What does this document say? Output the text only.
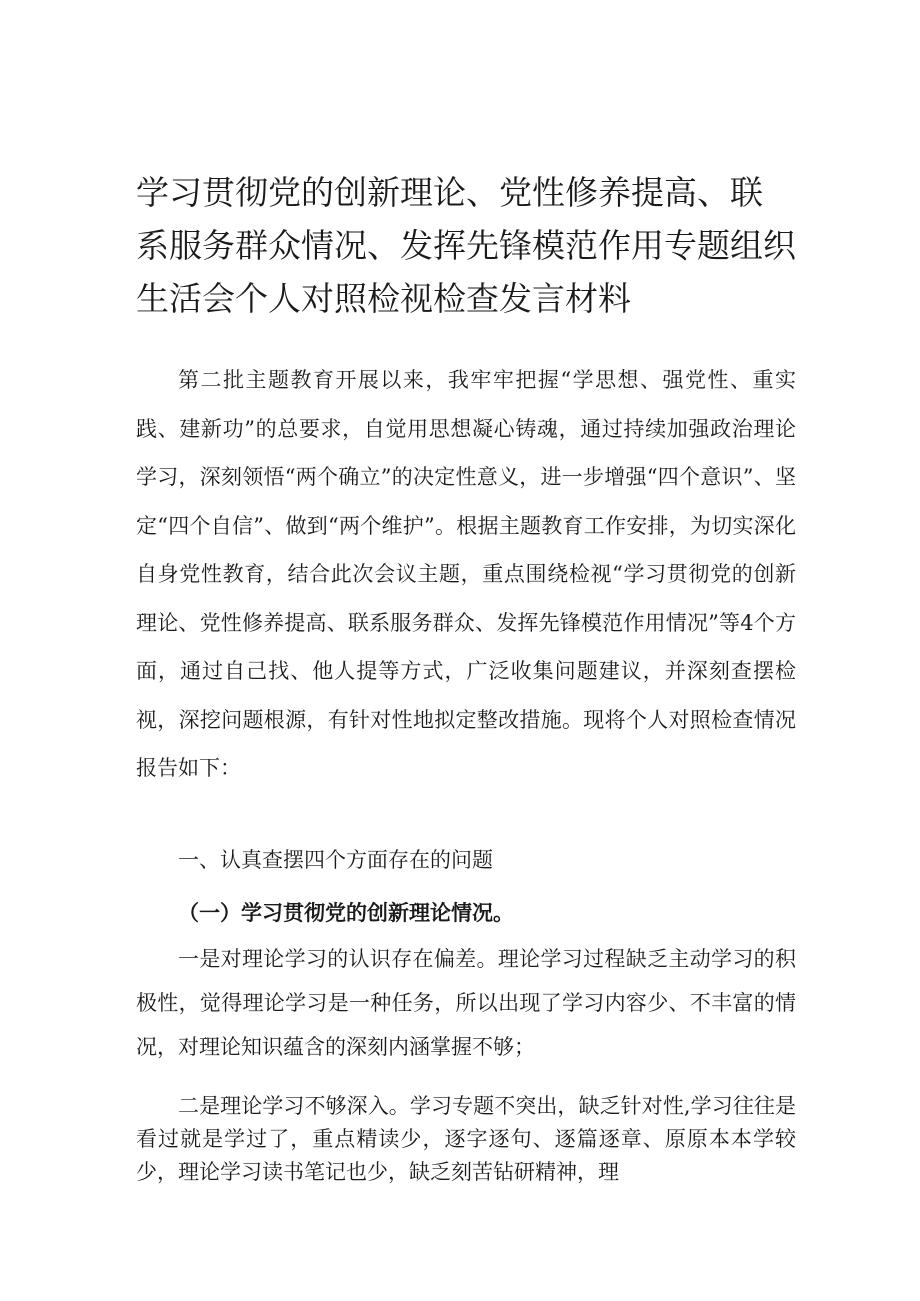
学习贯彻党的创新理论、党性修养提高、联
系服务群众情况、发挥先锋模范作用专题组织
生活会个人对照检视检查发言材料

第二批主题教育开展以来，我牢牢把握“学思想、强党性、重实践、建新功”的总要求，自觉用思想凝心铸魂，通过持续加强政治理论学习，深刻领悟“两个确立”的决定性意义，进一步增强“四个意识”、坚定“四个自信”、做到“两个维护”。根据主题教育工作安排，为切实深化自身党性教育，结合此次会议主题，重点围绕检视“学习贯彻党的创新理论、党性修养提高、联系服务群众、发挥先锋模范作用情况”等4个方面，通过自己找、他人提等方式，广泛收集问题建议，并深刻查摆检视，深挖问题根源，有针对性地拟定整改措施。现将个人对照检查情况报告如下：

一、认真查摆四个方面存在的问题
（一）学习贯彻党的创新理论情况。

一是对理论学习的认识存在偏差。理论学习过程缺乏主动学习的积极性，觉得理论学习是一种任务，所以出现了学习内容少、不丰富的情况，对理论知识蕴含的深刻内涵掌握不够；

二是理论学习不够深入。学习专题不突出，缺乏针对性,学习往往是看过就是学过了，重点精读少，逐字逐句、逐篇逐章、原原本本学较少，理论学习读书笔记也少，缺乏刻苦钻研精神，理
